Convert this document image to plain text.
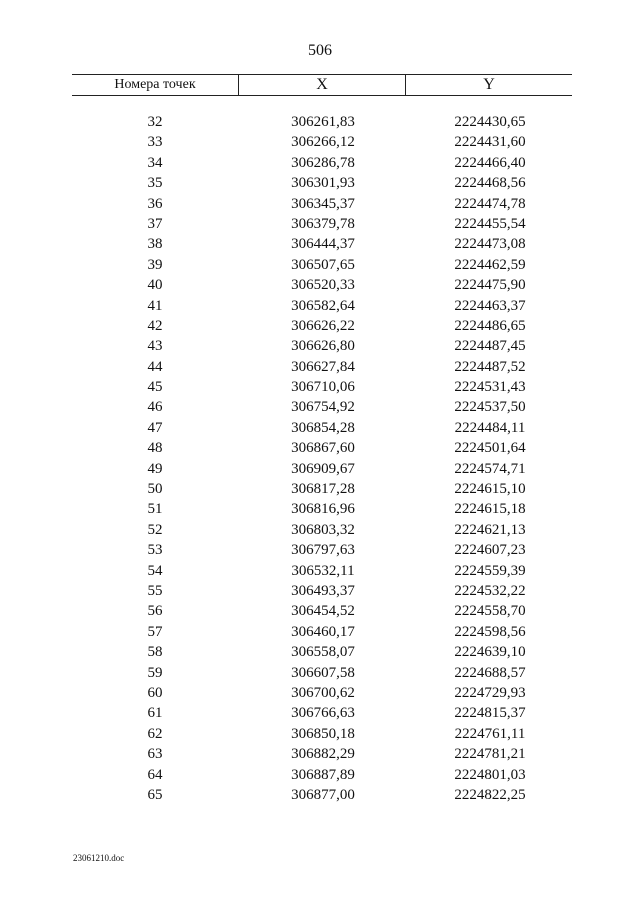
506
Номера точек	X	Y
32	306261,83	2224430,65
33	306266,12	2224431,60
34	306286,78	2224466,40
35	306301,93	2224468,56
36	306345,37	2224474,78
37	306379,78	2224455,54
38	306444,37	2224473,08
39	306507,65	2224462,59
40	306520,33	2224475,90
41	306582,64	2224463,37
42	306626,22	2224486,65
43	306626,80	2224487,45
44	306627,84	2224487,52
45	306710,06	2224531,43
46	306754,92	2224537,50
47	306854,28	2224484,11
48	306867,60	2224501,64
49	306909,67	2224574,71
50	306817,28	2224615,10
51	306816,96	2224615,18
52	306803,32	2224621,13
53	306797,63	2224607,23
54	306532,11	2224559,39
55	306493,37	2224532,22
56	306454,52	2224558,70
57	306460,17	2224598,56
58	306558,07	2224639,10
59	306607,58	2224688,57
60	306700,62	2224729,93
61	306766,63	2224815,37
62	306850,18	2224761,11
63	306882,29	2224781,21
64	306887,89	2224801,03
65	306877,00	2224822,25
23061210.doc
